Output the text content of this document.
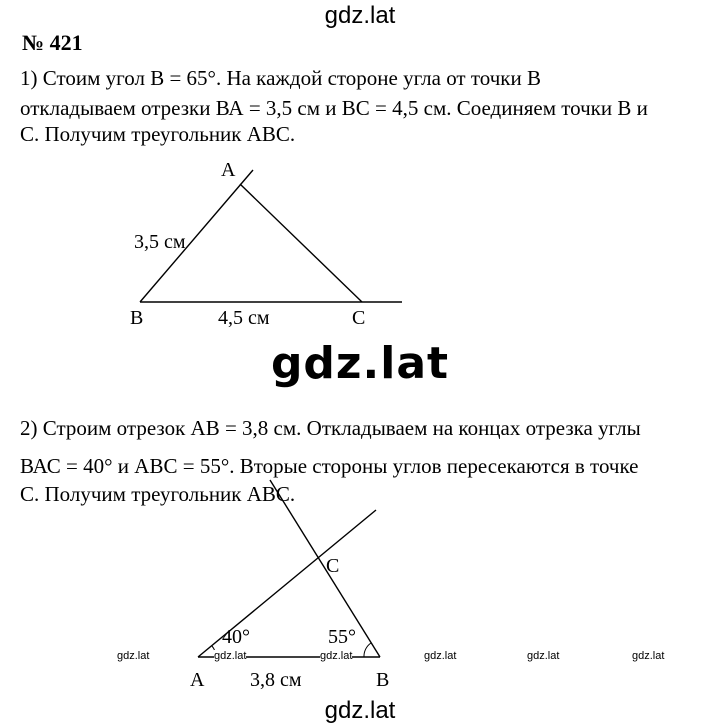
gdz.lat
№ 421

1) Стоим угол В = 65°. На каждой стороне угла от точки В

откладываем отрезки ВА = 3,5 см и ВС = 4,5 см. Соединяем точки В и

С. Получим треугольник АВС.

A
B	C
3,5 см
4,5 см
gdz.lat

2) Строим отрезок АВ = 3,8 см. Откладываем на концах отрезка углы

ВАС = 40° и АВС = 55°. Вторые стороны углов пересекаются в точке

С. Получим треугольник АВС.

C
40°	55°
A	B
3,8 см
gdz.lat	gdz.lat	gdz.lat	gdz.lat	gdz.lat	gdz.lat
gdz.lat
